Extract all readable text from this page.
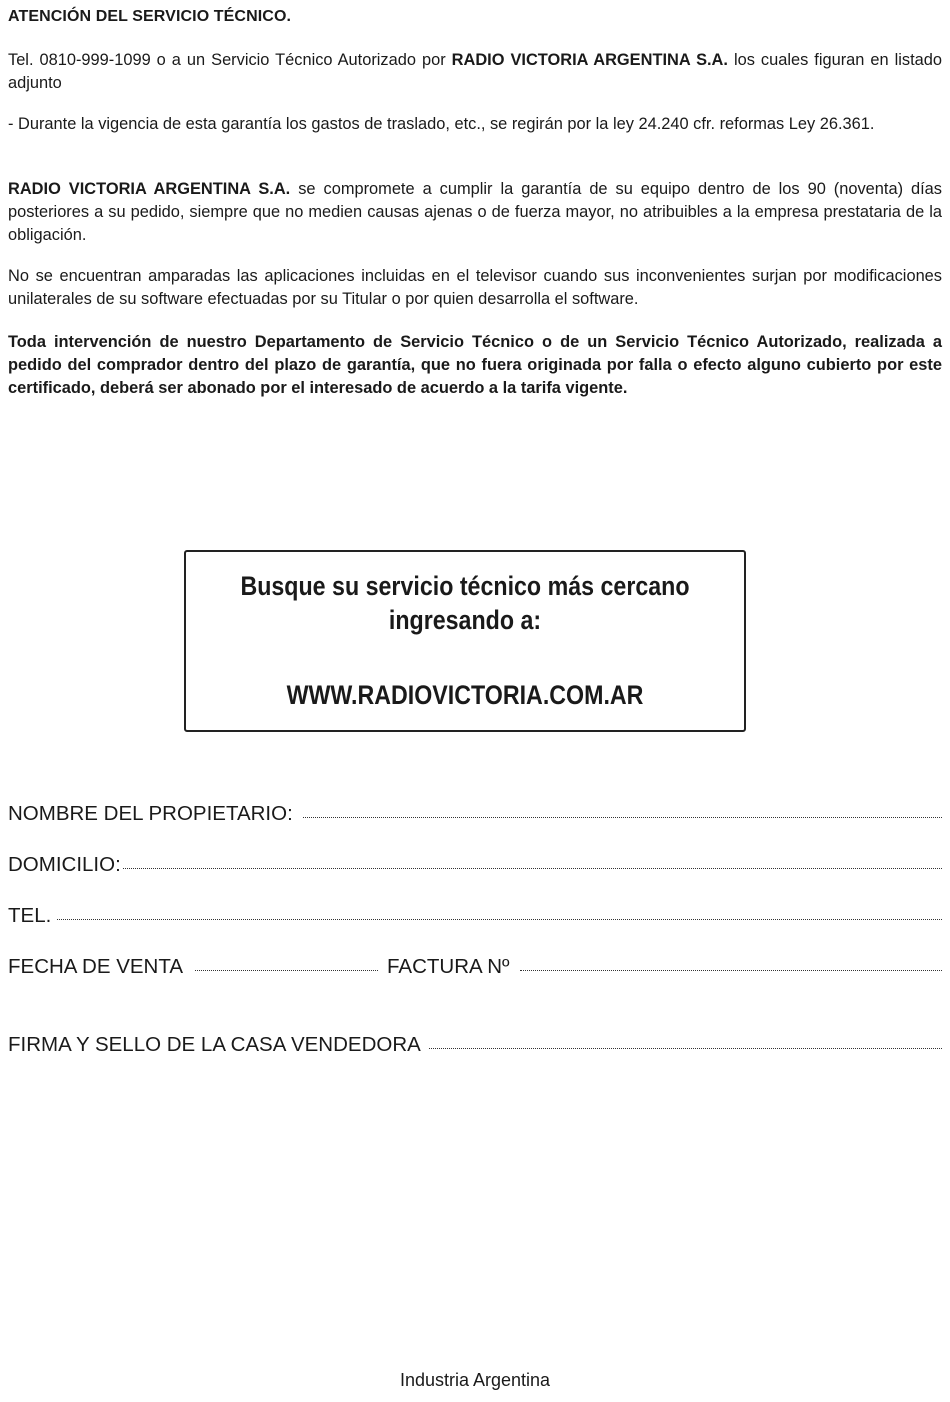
ATENCIÓN DEL SERVICIO TÉCNICO.

Tel. 0810-999-1099 o a un Servicio Técnico Autorizado por RADIO VICTORIA ARGENTINA S.A. los cuales figuran en listado adjunto

- Durante la vigencia de esta garantía los gastos de traslado, etc., se regirán por la ley 24.240 cfr. reformas Ley 26.361.

RADIO VICTORIA ARGENTINA S.A. se compromete a cumplir la garantía de su equipo dentro de los 90 (noventa) días posteriores a su pedido, siempre que no medien causas ajenas o de fuerza mayor, no atribuibles a la empresa prestataria de la obligación.

No se encuentran amparadas las aplicaciones incluidas en el televisor cuando sus inconvenientes surjan por modificaciones unilaterales de su software efectuadas por su Titular o por quien desarrolla el software.

Toda intervención de nuestro Departamento de Servicio Técnico o de un Servicio Técnico Autorizado, realizada a pedido del comprador dentro del plazo de garantía, que no fuera originada por falla o efecto alguno cubierto por este certificado, deberá ser abonado por el interesado de acuerdo a la tarifa vigente.

Busque su servicio técnico más cercano
ingresando a:
WWW.RADIOVICTORIA.COM.AR
NOMBRE DEL PROPIETARIO:
DOMICILIO:
TEL.
FECHA DE VENTA	FACTURA Nº
FIRMA Y SELLO DE LA CASA VENDEDORA
Industria Argentina
